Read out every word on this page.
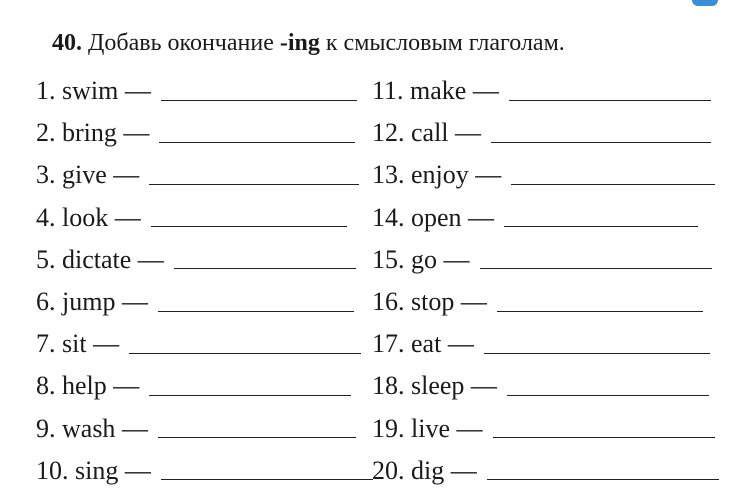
40. Добавь окончание -ing к смысловым глаголам.
1. swim —
2. bring —
3. give —
4. look —
5. dictate —
6. jump —
7. sit —
8. help —
9. wash —
10. sing —
11. make —
12. call —
13. enjoy —
14. open —
15. go —
16. stop —
17. eat —
18. sleep —
19. live —
20. dig —
